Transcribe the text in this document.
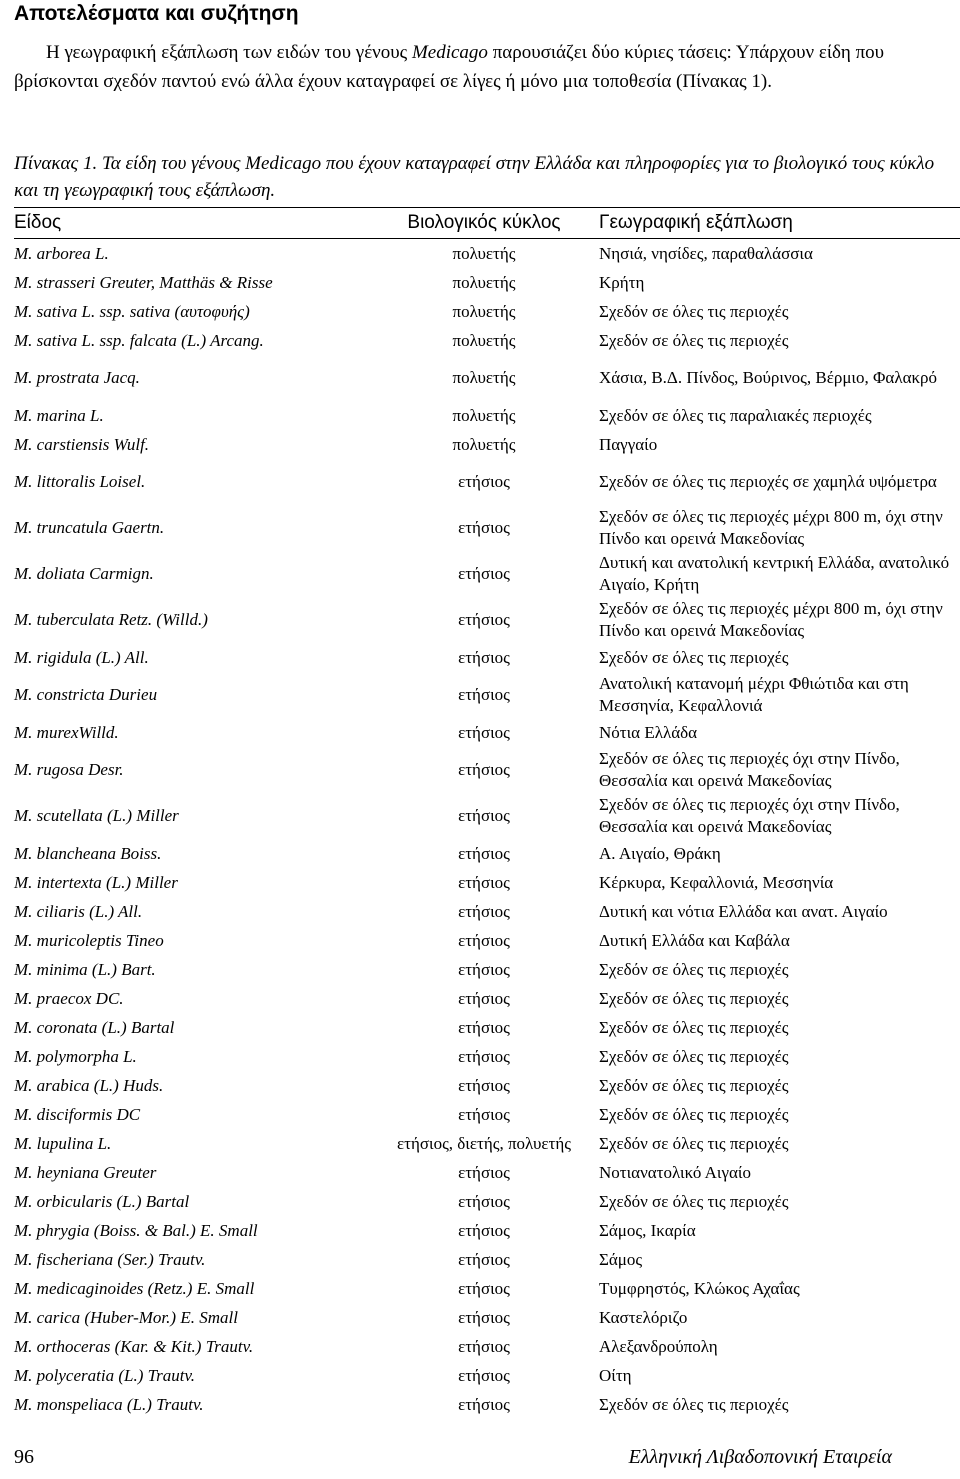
Αποτελέσματα και συζήτηση

Η γεωγραφική εξάπλωση των ειδών του γένους Medicago παρουσιάζει δύο κύριες τάσεις: Υπάρχουν είδη που βρίσκονται σχεδόν παντού ενώ άλλα έχουν καταγραφεί σε λίγες ή μόνο μια τοποθεσία (Πίνακας 1).

Πίνακας 1. Τα είδη του γένους Medicago που έχουν καταγραφεί στην Ελλάδα και πληροφορίες για το βιολογικό τους κύκλο και τη γεωγραφική τους εξάπλωση.

Είδος	Βιολογικός κύκλος	Γεωγραφική εξάπλωση
M. arborea L.	πολυετής	Νησιά, νησίδες, παραθαλάσσια
M. strasseri Greuter, Matthäs & Risse	πολυετής	Κρήτη
M. sativa L. ssp. sativa (αυτοφυής)	πολυετής	Σχεδόν σε όλες τις περιοχές
M. sativa L. ssp. falcata (L.) Arcang.	πολυετής	Σχεδόν σε όλες τις περιοχές
M. prostrata Jacq.	πολυετής	Χάσια, Β.Δ. Πίνδος, Βούρινος, Βέρμιο, Φαλακρό
M. marina L.	πολυετής	Σχεδόν σε όλες τις παραλιακές περιοχές
M. carstiensis Wulf.	πολυετής	Παγγαίο
M. littoralis Loisel.	ετήσιος	Σχεδόν σε όλες τις περιοχές σε χαμηλά υψόμετρα
M. truncatula Gaertn.	ετήσιος	Σχεδόν σε όλες τις περιοχές μέχρι 800 m, όχι στην Πίνδο και ορεινά Μακεδονίας
M. doliata Carmign.	ετήσιος	Δυτική και ανατολική κεντρική Ελλάδα, ανατολικό Αιγαίο, Κρήτη
M. tuberculata Retz. (Willd.)	ετήσιος	Σχεδόν σε όλες τις περιοχές μέχρι 800 m, όχι στην Πίνδο και ορεινά Μακεδονίας
M. rigidula (L.) All.	ετήσιος	Σχεδόν σε όλες τις περιοχές
M. constricta Durieu	ετήσιος	Ανατολική κατανομή μέχρι Φθιώτιδα και στη Μεσσηνία, Κεφαλλονιά
M. murexWilld.	ετήσιος	Νότια Ελλάδα
M. rugosa Desr.	ετήσιος	Σχεδόν σε όλες τις περιοχές όχι στην Πίνδο, Θεσσαλία και ορεινά Μακεδονίας
M. scutellata (L.) Miller	ετήσιος	Σχεδόν σε όλες τις περιοχές όχι στην Πίνδο, Θεσσαλία και ορεινά Μακεδονίας
M. blancheana Boiss.	ετήσιος	Α. Αιγαίο, Θράκη
M. intertexta (L.) Miller	ετήσιος	Κέρκυρα, Κεφαλλονιά, Μεσσηνία
M. ciliaris (L.) All.	ετήσιος	Δυτική και νότια Ελλάδα και ανατ. Αιγαίο
M. muricoleptis Tineo	ετήσιος	Δυτική Ελλάδα και Καβάλα
M. minima (L.) Bart.	ετήσιος	Σχεδόν σε όλες τις περιοχές
M. praecox DC.	ετήσιος	Σχεδόν σε όλες τις περιοχές
M. coronata (L.) Bartal	ετήσιος	Σχεδόν σε όλες τις περιοχές
M. polymorpha L.	ετήσιος	Σχεδόν σε όλες τις περιοχές
M. arabica (L.) Huds.	ετήσιος	Σχεδόν σε όλες τις περιοχές
M. disciformis DC	ετήσιος	Σχεδόν σε όλες τις περιοχές
M. lupulina L.	ετήσιος, διετής, πολυετής	Σχεδόν σε όλες τις περιοχές
M. heyniana Greuter	ετήσιος	Νοτιανατολικό Αιγαίο
M. orbicularis (L.) Bartal	ετήσιος	Σχεδόν σε όλες τις περιοχές
M. phrygia (Boiss. & Bal.) E. Small	ετήσιος	Σάμος, Ικαρία
M. fischeriana (Ser.) Trautv.	ετήσιος	Σάμος
M. medicaginoides (Retz.) E. Small	ετήσιος	Τυμφρηστός, Κλώκος Αχαΐας
M. carica (Huber-Mor.) E. Small	ετήσιος	Καστελόριζο
M. orthoceras (Kar. & Kit.) Trautv.	ετήσιος	Αλεξανδρούπολη
M. polyceratia (L.) Trautv.	ετήσιος	Οίτη
M. monspeliaca (L.) Trautv.	ετήσιος	Σχεδόν σε όλες τις περιοχές
96	Ελληνική Λιβαδοπονική Εταιρεία
